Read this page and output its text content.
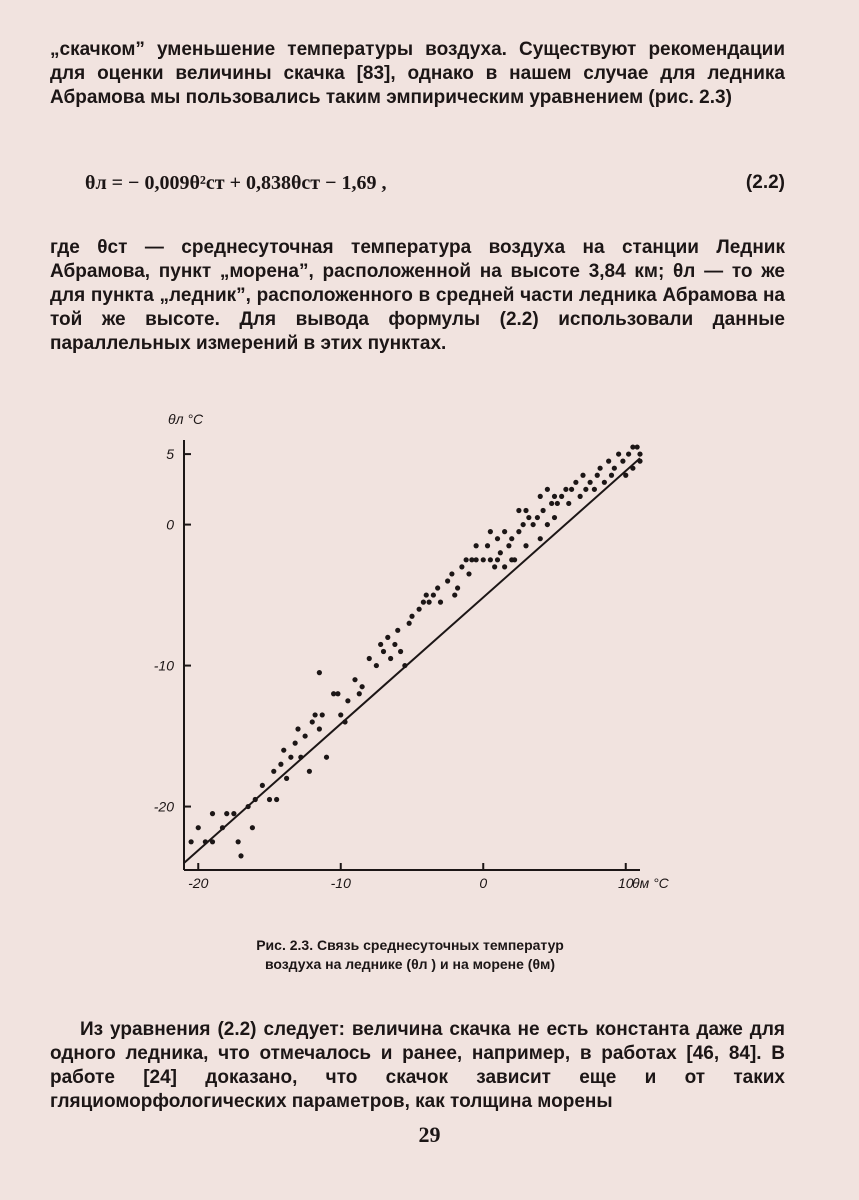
„скачком” уменьшение температуры воздуха. Существуют рекомендации для оценки величины скачка [83], однако в нашем случае для ледника Абрамова мы пользовались таким эмпирическим уравнением (рис. 2.3)

θл = − 0,009θ²ст + 0,838θст − 1,69 ,	(2.2)

где θст — среднесуточная температура воздуха на станции Ледник Абрамова, пункт „морена”, расположенной на высоте 3,84 км; θл — то же для пункта „ледник”, расположенного в средней части ледника Абрамова на той же высоте. Для вывода формулы (2.2) использовали данные параллельных измерений в этих пунктах.

-20	-10	0	10
-20
-10
0
5
θм °C
θл °C
Рис. 2.3. Связь среднесуточных температур
воздуха на леднике (θл ) и на морене (θм)

Из уравнения (2.2) следует: величина скачка не есть константа даже для одного ледника, что отмечалось и ранее, например, в работах [46, 84]. В работе [24] доказано, что скачок зависит еще и от таких гляциоморфологических параметров, как толщина морены

29
